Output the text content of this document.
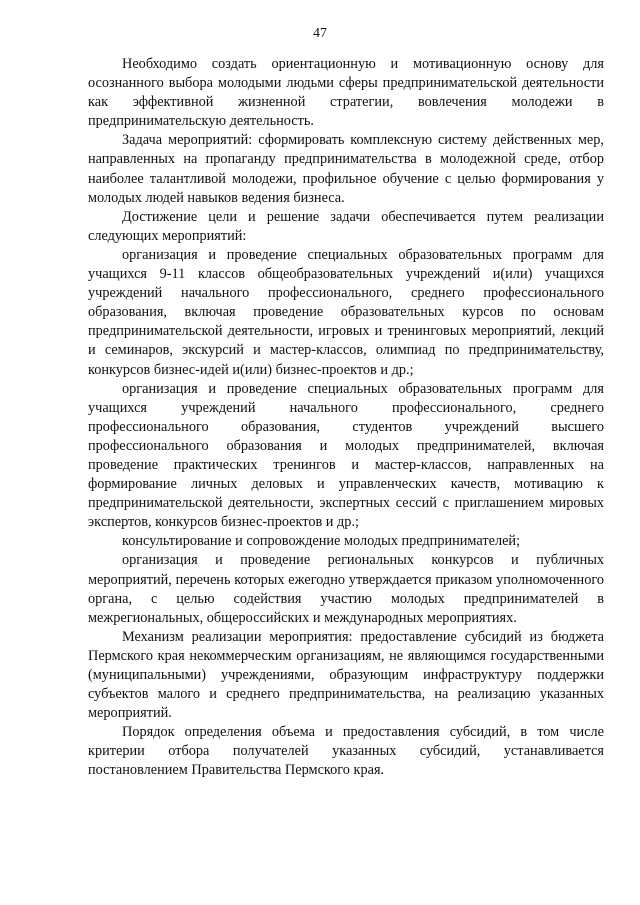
47

Необходимо создать ориентационную и мотивационную основу для осознанного выбора молодыми людьми сферы предпринимательской деятельности как эффективной жизненной стратегии, вовлечения молодежи в предпринимательскую деятельность.

Задача мероприятий: сформировать комплексную систему действенных мер, направленных на пропаганду предпринимательства в молодежной среде, отбор наиболее талантливой молодежи, профильное обучение с целью формирования у молодых людей навыков ведения бизнеса.

Достижение цели и решение задачи обеспечивается путем реализации следующих мероприятий:

организация и проведение специальных образовательных программ для учащихся 9-11 классов общеобразовательных учреждений и(или) учащихся учреждений начального профессионального, среднего профессионального образования, включая проведение образовательных курсов по основам предпринимательской деятельности, игровых и тренинговых мероприятий, лекций и семинаров, экскурсий и мастер-классов, олимпиад по предпринимательству, конкурсов бизнес-идей и(или) бизнес-проектов и др.;

организация и проведение специальных образовательных программ для учащихся учреждений начального профессионального, среднего профессионального образования, студентов учреждений высшего профессионального образования и молодых предпринимателей, включая проведение практических тренингов и мастер-классов, направленных на формирование личных деловых и управленческих качеств, мотивацию к предпринимательской деятельности, экспертных сессий с приглашением мировых экспертов, конкурсов бизнес-проектов и др.;

консультирование и сопровождение молодых предпринимателей;

организация и проведение региональных конкурсов и публичных мероприятий, перечень которых ежегодно утверждается приказом уполномоченного органа, с целью содействия участию молодых предпринимателей в межрегиональных, общероссийских и международных мероприятиях.

Механизм реализации мероприятия: предоставление субсидий из бюджета Пермского края некоммерческим организациям, не являющимся государственными (муниципальными) учреждениями, образующим инфраструктуру поддержки субъектов малого и среднего предпринимательства, на реализацию указанных мероприятий.

Порядок определения объема и предоставления субсидий, в том числе критерии отбора получателей указанных субсидий, устанавливается постановлением Правительства Пермского края.
